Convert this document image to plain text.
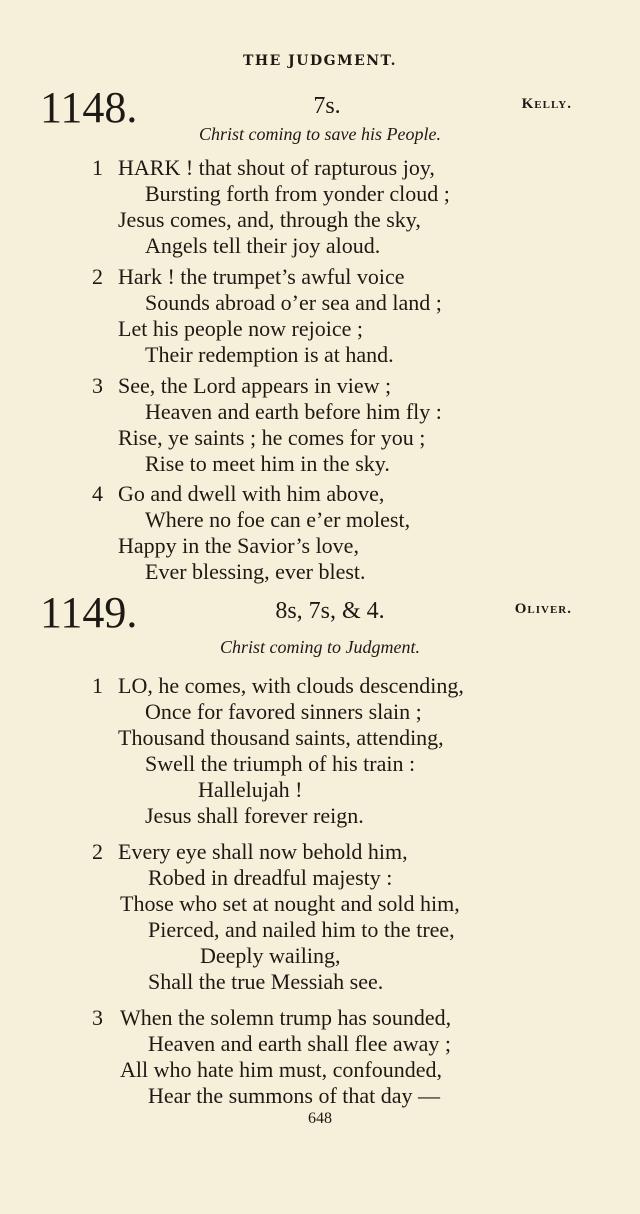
THE JUDGMENT.
1148.	7s.	Kelly.
Christ coming to save his People.
1 HARK ! that shout of rapturous joy,
Bursting forth from yonder cloud ;
Jesus comes, and, through the sky,
Angels tell their joy aloud.
2 Hark ! the trumpet’s awful voice
Sounds abroad o’er sea and land ;
Let his people now rejoice ;
Their redemption is at hand.
3 See, the Lord appears in view ;
Heaven and earth before him fly :
Rise, ye saints ; he comes for you ;
Rise to meet him in the sky.
4 Go and dwell with him above,
Where no foe can e’er molest,
Happy in the Savior’s love,
Ever blessing, ever blest.
1149.	8s, 7s, & 4.	Oliver.
Christ coming to Judgment.
1 LO, he comes, with clouds descending,
Once for favored sinners slain ;
Thousand thousand saints, attending,
Swell the triumph of his train :
Hallelujah !
Jesus shall forever reign.
2 Every eye shall now behold him,
Robed in dreadful majesty :
Those who set at nought and sold him,
Pierced, and nailed him to the tree,
Deeply wailing,
Shall the true Messiah see.
3 When the solemn trump has sounded,
Heaven and earth shall flee away ;
All who hate him must, confounded,
Hear the summons of that day —
648
